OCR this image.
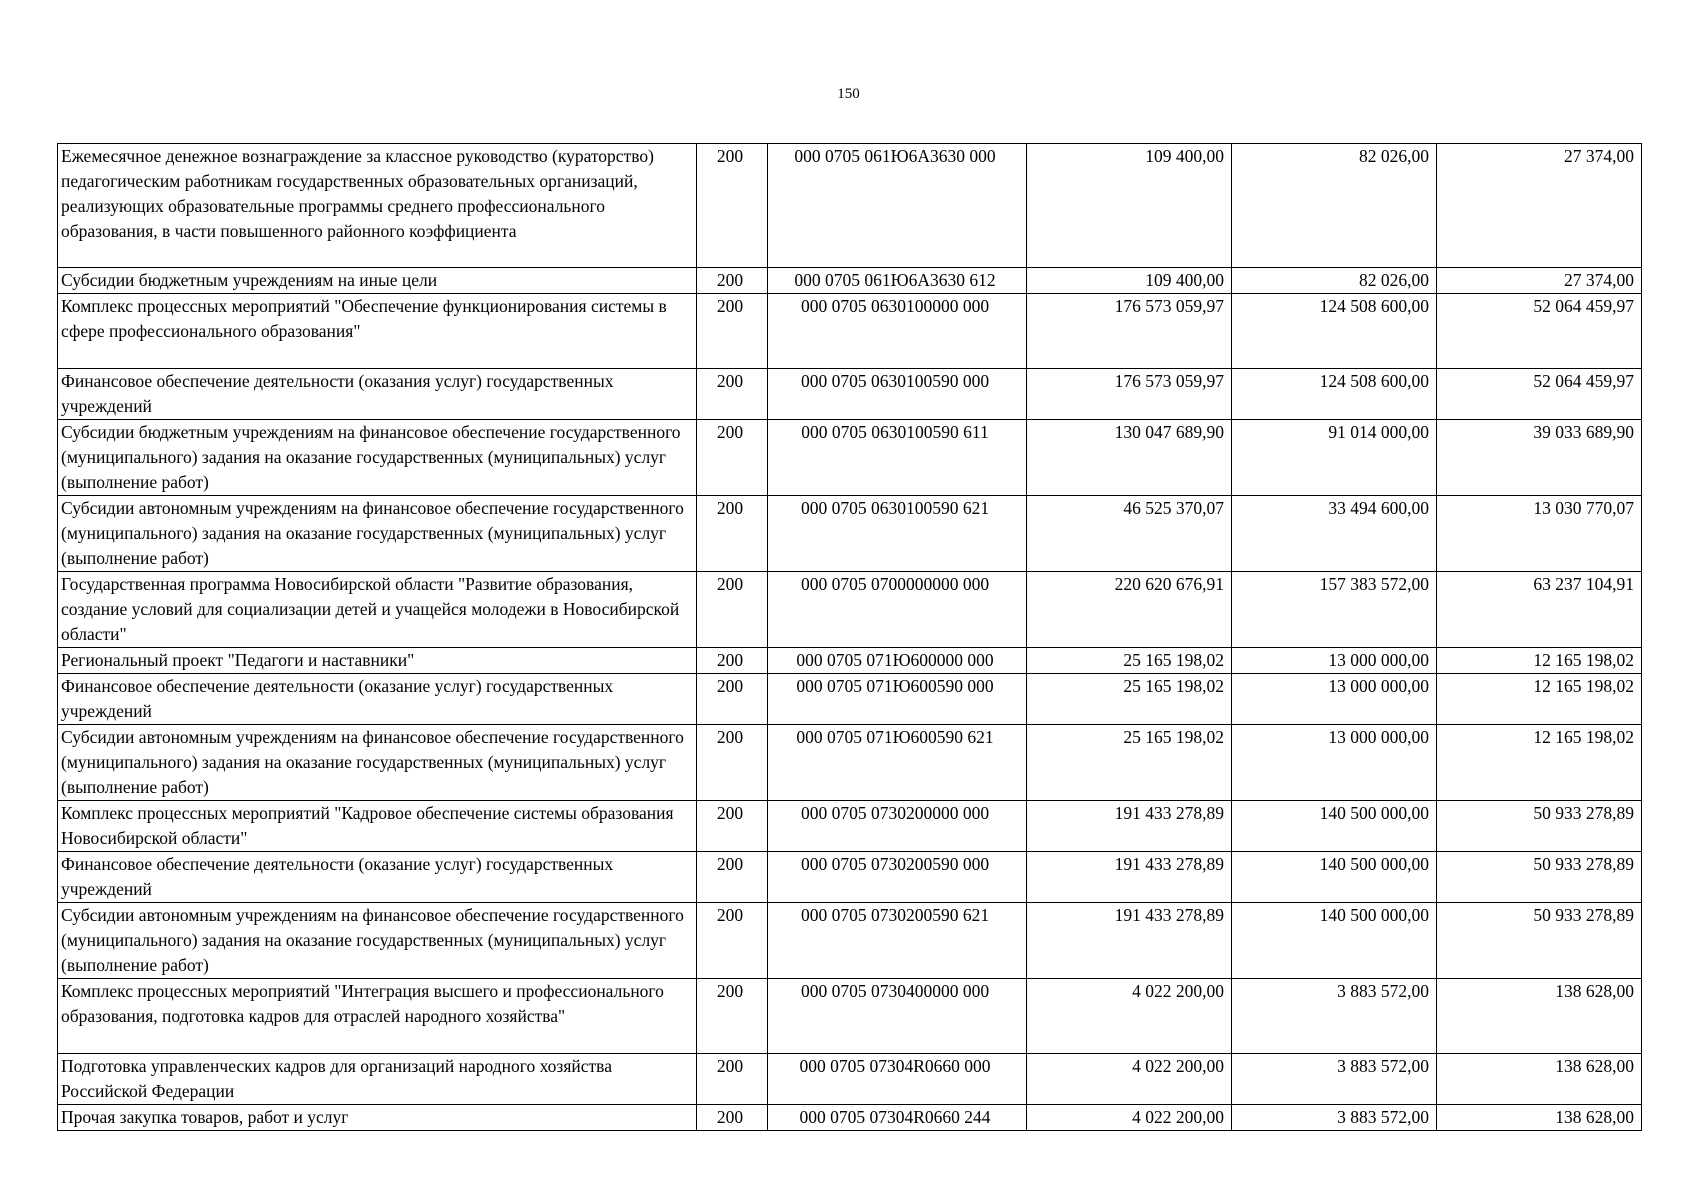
150
Ежемесячное денежное вознаграждение за классное руководство (кураторство) педагогическим работникам государственных образовательных организаций, реализующих образовательные программы среднего профессионального образования, в части повышенного районного коэффициента	200	000 0705 061Ю6А3630 000	109 400,00	82 026,00	27 374,00
Субсидии бюджетным учреждениям на иные цели	200	000 0705 061Ю6А3630 612	109 400,00	82 026,00	27 374,00
Комплекс процессных мероприятий "Обеспечение функционирования системы в сфере профессионального образования"	200	000 0705 0630100000 000	176 573 059,97	124 508 600,00	52 064 459,97
Финансовое обеспечение деятельности (оказания услуг) государственных учреждений	200	000 0705 0630100590 000	176 573 059,97	124 508 600,00	52 064 459,97
Субсидии бюджетным учреждениям на финансовое обеспечение государственного (муниципального) задания на оказание государственных (муниципальных) услуг (выполнение работ)	200	000 0705 0630100590 611	130 047 689,90	91 014 000,00	39 033 689,90
Субсидии автономным учреждениям на финансовое обеспечение государственного (муниципального) задания на оказание государственных (муниципальных) услуг (выполнение работ)	200	000 0705 0630100590 621	46 525 370,07	33 494 600,00	13 030 770,07
Государственная программа Новосибирской области "Развитие образования, создание условий для социализации детей и учащейся молодежи в Новосибирской области"	200	000 0705 0700000000 000	220 620 676,91	157 383 572,00	63 237 104,91
Региональный проект "Педагоги и наставники"	200	000 0705 071Ю600000 000	25 165 198,02	13 000 000,00	12 165 198,02
Финансовое обеспечение деятельности (оказание услуг) государственных учреждений	200	000 0705 071Ю600590 000	25 165 198,02	13 000 000,00	12 165 198,02
Субсидии автономным учреждениям на финансовое обеспечение государственного (муниципального) задания на оказание государственных (муниципальных) услуг (выполнение работ)	200	000 0705 071Ю600590 621	25 165 198,02	13 000 000,00	12 165 198,02
Комплекс процессных мероприятий "Кадровое обеспечение системы образования Новосибирской области"	200	000 0705 0730200000 000	191 433 278,89	140 500 000,00	50 933 278,89
Финансовое обеспечение деятельности (оказание услуг) государственных учреждений	200	000 0705 0730200590 000	191 433 278,89	140 500 000,00	50 933 278,89
Субсидии автономным учреждениям на финансовое обеспечение государственного (муниципального) задания на оказание государственных (муниципальных) услуг (выполнение работ)	200	000 0705 0730200590 621	191 433 278,89	140 500 000,00	50 933 278,89
Комплекс процессных мероприятий "Интеграция высшего и профессионального образования, подготовка кадров для отраслей народного хозяйства"	200	000 0705 0730400000 000	4 022 200,00	3 883 572,00	138 628,00
Подготовка управленческих кадров для организаций народного хозяйства Российской Федерации	200	000 0705 07304R0660 000	4 022 200,00	3 883 572,00	138 628,00
Прочая закупка товаров, работ и услуг	200	000 0705 07304R0660 244	4 022 200,00	3 883 572,00	138 628,00
